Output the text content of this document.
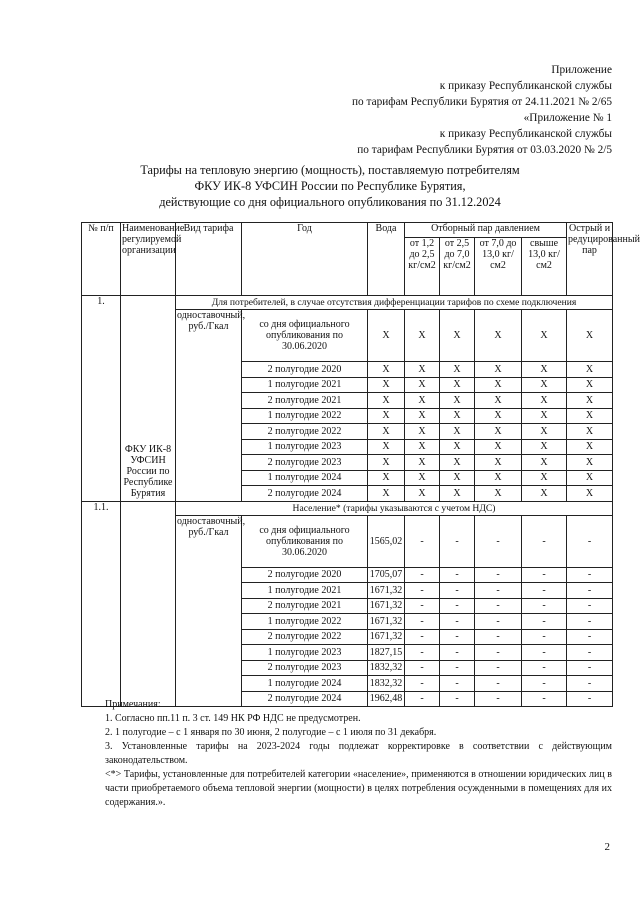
Приложение
к приказу Республиканской службы
по тарифам Республики Бурятия от 24.11.2021 № 2/65
«Приложение № 1
к приказу Республиканской службы
по тарифам Республики Бурятия от 03.03.2020 № 2/5
Тарифы на тепловую энергию (мощность), поставляемую потребителям
ФКУ ИК-8 УФСИН России по Республике Бурятия,
действующие со дня официального опубликования по 31.12.2024
№ п/п	Наименование регулируемой организации	Вид тарифа	Год	Вода	Отборный пар давлением				Острый и редуцированный пар
					от 1,2 до 2,5 кг/см2	от 2,5 до 7,0 кг/см2	от 7,0 до 13,0 кг/см2	свыше 13,0 кг/см2	
1.	ФКУ ИК-8 УФСИН России по Республике Бурятия	Для потребителей, в случае отсутствия дифференциации тарифов по схеме подключения							
		одноставочный, руб./Гкал	со дня официального опубликования по 30.06.2020	X	X	X	X	X	X
			2 полугодие 2020	X	X	X	X	X	X
			1 полугодие 2021	X	X	X	X	X	X
			2 полугодие 2021	X	X	X	X	X	X
			1 полугодие 2022	X	X	X	X	X	X
			2 полугодие 2022	X	X	X	X	X	X
			1 полугодие 2023	X	X	X	X	X	X
			2 полугодие 2023	X	X	X	X	X	X
			1 полугодие 2024	X	X	X	X	X	X
			2 полугодие 2024	X	X	X	X	X	X
1.1.		Население* (тарифы указываются с учетом НДС)							
		одноставочный, руб./Гкал	со дня официального опубликования по 30.06.2020	1565,02	-	-	-	-	-
			2 полугодие 2020	1705,07	-	-	-	-	-
			1 полугодие 2021	1671,32	-	-	-	-	-
			2 полугодие 2021	1671,32	-	-	-	-	-
			1 полугодие 2022	1671,32	-	-	-	-	-
			2 полугодие 2022	1671,32	-	-	-	-	-
			1 полугодие 2023	1827,15	-	-	-	-	-
			2 полугодие 2023	1832,32	-	-	-	-	-
			1 полугодие 2024	1832,32	-	-	-	-	-
			2 полугодие 2024	1962,48	-	-	-	-	-

Примечания:

1. Согласно пп.11 п. 3 ст. 149 НК РФ НДС не предусмотрен.

2. 1 полугодие – с 1 января по 30 июня, 2 полугодие – с 1 июля по 31 декабря.

3. Установленные тарифы на 2023-2024 годы подлежат корректировке в соответствии с действующим законодательством.

<*> Тарифы, установленные для потребителей категории «население», применяются в отношении юридических лиц в части приобретаемого объема тепловой энергии (мощности) в целях потребления осужденными в помещениях для их содержания.».

2
